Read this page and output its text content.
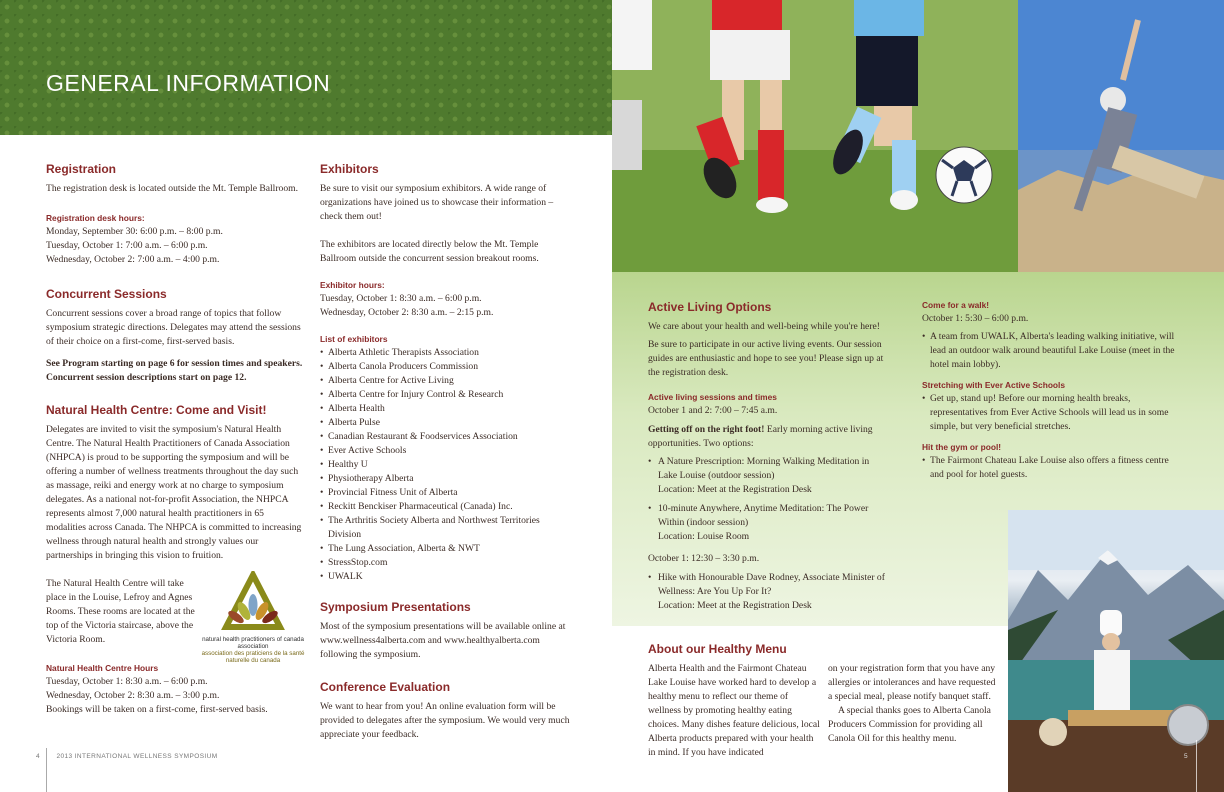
GENERAL INFORMATION
Registration
The registration desk is located outside the Mt. Temple Ballroom.
Registration desk hours:
Monday, September 30: 6:00 p.m. – 8:00 p.m.
Tuesday, October 1: 7:00 a.m. – 6:00 p.m.
Wednesday, October 2: 7:00 a.m. – 4:00 p.m.
Concurrent Sessions
Concurrent sessions cover a broad range of topics that follow symposium strategic directions. Delegates may attend the sessions of their choice on a first-come, first-served basis.
See Program starting on page 6 for session times and speakers. Concurrent session descriptions start on page 12.
Natural Health Centre: Come and Visit!
Delegates are invited to visit the symposium's Natural Health Centre. The Natural Health Practitioners of Canada Association (NHPCA) is proud to be supporting the symposium and will be offering a number of wellness treatments throughout the day such as massage, reiki and energy work at no charge to symposium delegates. As a national not-for-profit Association, the NHPCA represents almost 7,000 natural health practitioners in 65 modalities across Canada. The NHPCA is committed to increasing wellness through natural health and strongly values our partnerships in bringing this vision to fruition.
The Natural Health Centre will take place in the Louise, Lefroy and Agnes Rooms. These rooms are located at the top of the Victoria staircase, above the Victoria Room.	natural health practitioners of canada association
association des praticiens de la santé naturelle du canada
Natural Health Centre Hours
Tuesday, October 1: 8:30 a.m. – 6:00 p.m.
Wednesday, October 2: 8:30 a.m. – 3:00 p.m.
Bookings will be taken on a first-come, first-served basis.
Exhibitors
Be sure to visit our symposium exhibitors. A wide range of organizations have joined us to showcase their information – check them out!
The exhibitors are located directly below the Mt. Temple Ballroom outside the concurrent session breakout rooms.
Exhibitor hours:
Tuesday, October 1: 8:30 a.m. – 6:00 p.m.
Wednesday, October 2: 8:30 a.m. – 2:15 p.m.
List of exhibitors
• Alberta Athletic Therapists Association
• Alberta Canola Producers Commission
• Alberta Centre for Active Living
• Alberta Centre for Injury Control & Research
• Alberta Health
• Alberta Pulse
• Canadian Restaurant & Foodservices Association
• Ever Active Schools
• Healthy U
• Physiotherapy Alberta
• Provincial Fitness Unit of Alberta
• Reckitt Benckiser Pharmaceutical (Canada) Inc.
• The Arthritis Society Alberta and Northwest Territories Division
• The Lung Association, Alberta & NWT
• StressStop.com
• UWALK
Symposium Presentations
Most of the symposium presentations will be available online at www.wellness4alberta.com and www.healthyalberta.com following the symposium.
Conference Evaluation
We want to hear from you! An online evaluation form will be provided to delegates after the symposium. We would very much appreciate your feedback.
4	2013 INTERNATIONAL WELLNESS SYMPOSIUM
Active Living Options
We care about your health and well-being while you're here!
Be sure to participate in our active living events. Our session guides are enthusiastic and hope to see you! Please sign up at the registration desk.
Active living sessions and times
October 1 and 2: 7:00 – 7:45 a.m.
Getting off on the right foot! Early morning active living opportunities. Two options:
• A Nature Prescription: Morning Walking Meditation in Lake Louise (outdoor session)
Location: Meet at the Registration Desk
• 10-minute Anywhere, Anytime Meditation: The Power Within (indoor session)
Location: Louise Room
October 1: 12:30 – 3:30 p.m.
• Hike with Honourable Dave Rodney, Associate Minister of Wellness: Are You Up For It?
Location: Meet at the Registration Desk
Come for a walk!
October 1: 5:30 – 6:00 p.m.
• A team from UWALK, Alberta's leading walking initiative, will lead an outdoor walk around beautiful Lake Louise (meet in the hotel main lobby).
Stretching with Ever Active Schools
• Get up, stand up! Before our morning health breaks, representatives from Ever Active Schools will lead us in some simple, but very beneficial stretches.
Hit the gym or pool!
• The Fairmont Chateau Lake Louise also offers a fitness centre and pool for hotel guests.
About our Healthy Menu
Alberta Health and the Fairmont Chateau Lake Louise have worked hard to develop a healthy menu to reflect our theme of wellness by promoting healthy eating choices. Many dishes feature delicious, local Alberta products prepared with your health in mind. If you have indicated
on your registration form that you have any allergies or intolerances and have requested a special meal, please notify banquet staff.
A special thanks goes to Alberta Canola Producers Commission for providing all Canola Oil for this healthy menu.
5
